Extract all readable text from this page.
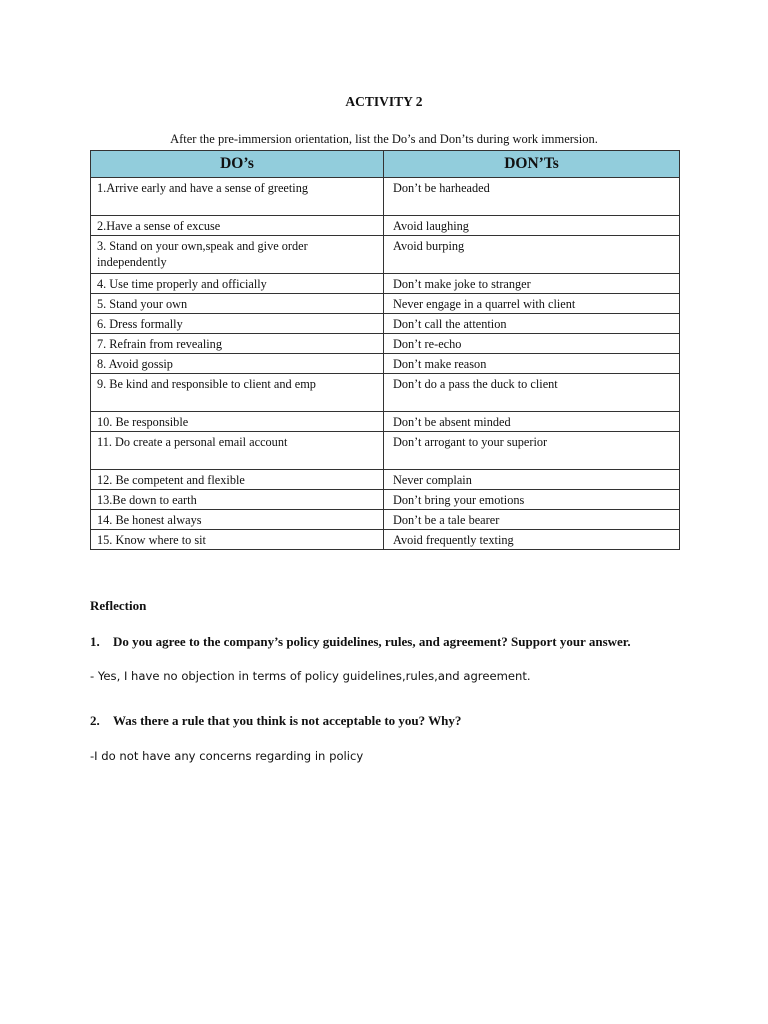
ACTIVITY 2
After the pre-immersion orientation, list the Do’s and Don’ts during work immersion.
DO’s	DON’Ts
1.Arrive early and have a sense of greeting	Don’t be harheaded
2.Have a sense of excuse	Avoid laughing
3. Stand on your own,speak and give order independently	Avoid burping
4. Use time properly and officially	Don’t make joke to stranger
5. Stand your own	Never engage in a quarrel with client
6. Dress formally	Don’t call the attention
7. Refrain from revealing	Don’t re-echo
8. Avoid gossip	Don’t make reason
9. Be kind and responsible to client and emp	Don’t do a pass the duck to client
10. Be responsible	Don’t be absent minded
11. Do create a personal email account	Don’t arrogant to your superior
12. Be competent and flexible	Never complain
13.Be down to earth	Don’t bring your emotions
14. Be honest always	Don’t be a tale bearer
15. Know where to sit	Avoid frequently texting
Reflection
1. Do you agree to the company’s policy guidelines, rules, and agreement? Support your answer.
- Yes, I have no objection in terms of policy guidelines,rules,and agreement.
2. Was there a rule that you think is not acceptable to you? Why?
-I do not have any concerns regarding in policy
